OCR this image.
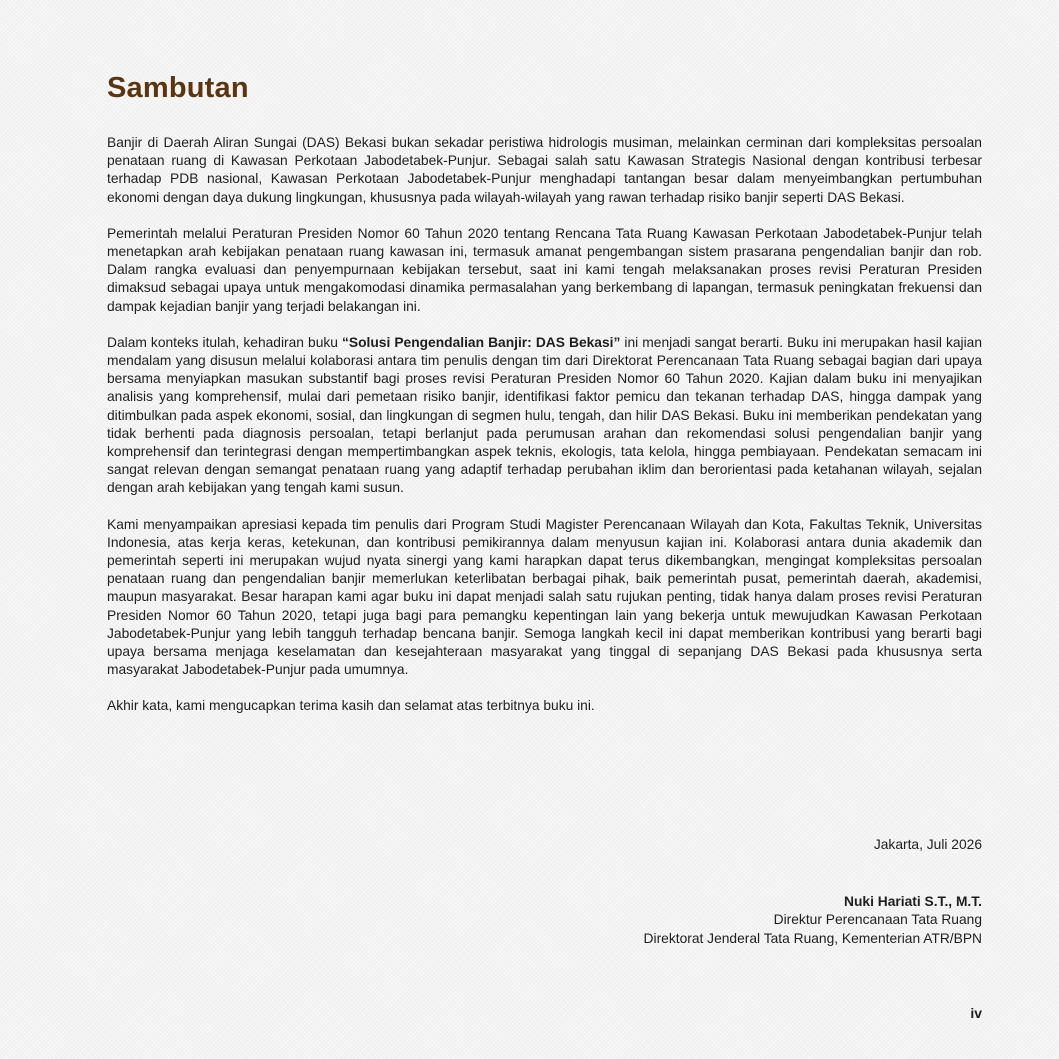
Sambutan

Banjir di Daerah Aliran Sungai (DAS) Bekasi bukan sekadar peristiwa hidrologis musiman, melainkan cerminan dari kompleksitas persoalan penataan ruang di Kawasan Perkotaan Jabodetabek-Punjur. Sebagai salah satu Kawasan Strategis Nasional dengan kontribusi terbesar terhadap PDB nasional, Kawasan Perkotaan Jabodetabek-Punjur menghadapi tantangan besar dalam menyeimbangkan pertumbuhan ekonomi dengan daya dukung lingkungan, khususnya pada wilayah-wilayah yang rawan terhadap risiko banjir seperti DAS Bekasi.

Pemerintah melalui Peraturan Presiden Nomor 60 Tahun 2020 tentang Rencana Tata Ruang Kawasan Perkotaan Jabodetabek-Punjur telah menetapkan arah kebijakan penataan ruang kawasan ini, termasuk amanat pengembangan sistem prasarana pengendalian banjir dan rob. Dalam rangka evaluasi dan penyempurnaan kebijakan tersebut, saat ini kami tengah melaksanakan proses revisi Peraturan Presiden dimaksud sebagai upaya untuk mengakomodasi dinamika permasalahan yang berkembang di lapangan, termasuk peningkatan frekuensi dan dampak kejadian banjir yang terjadi belakangan ini.

Dalam konteks itulah, kehadiran buku “Solusi Pengendalian Banjir: DAS Bekasi” ini menjadi sangat berarti. Buku ini merupakan hasil kajian mendalam yang disusun melalui kolaborasi antara tim penulis dengan tim dari Direktorat Perencanaan Tata Ruang sebagai bagian dari upaya bersama menyiapkan masukan substantif bagi proses revisi Peraturan Presiden Nomor 60 Tahun 2020. Kajian dalam buku ini menyajikan analisis yang komprehensif, mulai dari pemetaan risiko banjir, identifikasi faktor pemicu dan tekanan terhadap DAS, hingga dampak yang ditimbulkan pada aspek ekonomi, sosial, dan lingkungan di segmen hulu, tengah, dan hilir DAS Bekasi. Buku ini memberikan pendekatan yang tidak berhenti pada diagnosis persoalan, tetapi berlanjut pada perumusan arahan dan rekomendasi solusi pengendalian banjir yang komprehensif dan terintegrasi dengan mempertimbangkan aspek teknis, ekologis, tata kelola, hingga pembiayaan. Pendekatan semacam ini sangat relevan dengan semangat penataan ruang yang adaptif terhadap perubahan iklim dan berorientasi pada ketahanan wilayah, sejalan dengan arah kebijakan yang tengah kami susun.

Kami menyampaikan apresiasi kepada tim penulis dari Program Studi Magister Perencanaan Wilayah dan Kota, Fakultas Teknik, Universitas Indonesia, atas kerja keras, ketekunan, dan kontribusi pemikirannya dalam menyusun kajian ini. Kolaborasi antara dunia akademik dan pemerintah seperti ini merupakan wujud nyata sinergi yang kami harapkan dapat terus dikembangkan, mengingat kompleksitas persoalan penataan ruang dan pengendalian banjir memerlukan keterlibatan berbagai pihak, baik pemerintah pusat, pemerintah daerah, akademisi, maupun masyarakat. Besar harapan kami agar buku ini dapat menjadi salah satu rujukan penting, tidak hanya dalam proses revisi Peraturan Presiden Nomor 60 Tahun 2020, tetapi juga bagi para pemangku kepentingan lain yang bekerja untuk mewujudkan Kawasan Perkotaan Jabodetabek-Punjur yang lebih tangguh terhadap bencana banjir. Semoga langkah kecil ini dapat memberikan kontribusi yang berarti bagi upaya bersama menjaga keselamatan dan kesejahteraan masyarakat yang tinggal di sepanjang DAS Bekasi pada khususnya serta masyarakat Jabodetabek-Punjur pada umumnya.

Akhir kata, kami mengucapkan terima kasih dan selamat atas terbitnya buku ini.

Jakarta, Juli 2026
Nuki Hariati S.T., M.T.
Direktur Perencanaan Tata Ruang
Direktorat Jenderal Tata Ruang, Kementerian ATR/BPN
iv
